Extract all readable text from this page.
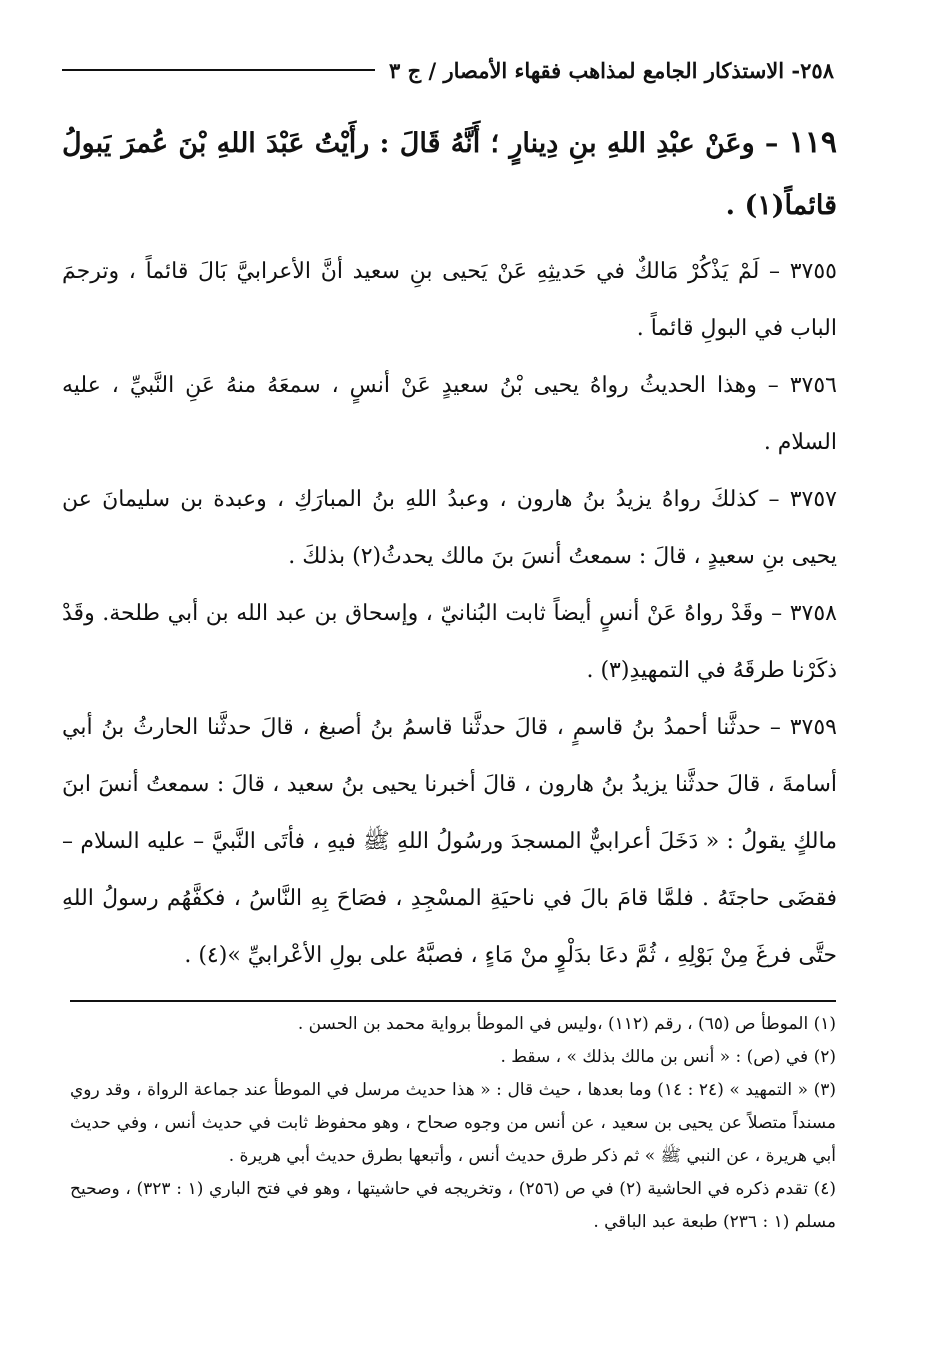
٢٥٨- الاستذكار الجامع لمذاهب فقهاء الأمصار / ج ٣

١١٩ – وعَنْ عبْدِ اللهِ بنِ دِينارٍ ؛ أَنَّهُ قَالَ : رأَيْتُ عَبْدَ اللهِ بْنَ عُمرَ يَبولُ قائماً(١) .

٣٧٥٥ – لَمْ يَذْكُرْ مَالكٌ في حَديثِهِ عَنْ يَحيى بنِ سعيد أنَّ الأعرابيَّ بَالَ قائماً ، وترجمَ الباب في البولِ قائماً .

٣٧٥٦ – وهذا الحديثُ رواهُ يحيى بْنُ سعيدٍ عَنْ أنسٍ ، سمعَهُ منهُ عَنِ النَّبيِّ ، عليه السلام .

٣٧٥٧ – كذلكَ رواهُ يزيدُ بنُ هارون ، وعبدُ اللهِ بنُ المبارَكِ ، وعبدة بن سليمانَ عن يحيى بنِ سعيدٍ ، قالَ : سمعتُ أنسَ بنَ مالك يحدثُ(٢) بذلكَ .

٣٧٥٨ – وقَدْ رواهُ عَنْ أنسٍ أيضاً ثابت البُنانيّ ، وإسحاق بن عبد الله بن أبي طلحة. وقَدْ ذكَرْنا طرقَهُ في التمهيدِ(٣) .

٣٧٥٩ – حدثَّنا أحمدُ بنُ قاسمٍ ، قالَ حدثَّنا قاسمُ بنُ أصبغ ، قالَ حدثَّنا الحارثُ بنُ أبي أسامةَ ، قالَ حدثَّنا يزيدُ بنُ هارون ، قالَ أخبرنا يحيى بنُ سعيد ، قالَ : سمعتُ أنسَ ابنَ مالكٍ يقولُ : « دَخَلَ أعرابيٌّ المسجدَ ورسُولُ اللهِ ﷺ فيهِ ، فأتَى النَّبيَّ – عليه السلام – فقضَى حاجتَهُ . فلمَّا قامَ بالَ في ناحيَةِ المسْجِدِ ، فصَاحَ بِهِ النَّاسُ ، فكفَّهُم رسولُ اللهِ حتَّى فرغَ مِنْ بَوْلِهِ ، ثُمَّ دعَا بدَلْوٍ منْ مَاءٍ ، فصبَّهُ على بولِ الأعْرابيِّ »(٤) .

(١) الموطأ ص (٦٥) ، رقم (١١٢) ،وليس في الموطأ برواية محمد بن الحسن .

(٢) في (ص) : « أنس بن مالك بذلك » ، سقط .

(٣) « التمهيد » (٢٤ : ١٤) وما بعدها ، حيث قال : « هذا حديث مرسل في الموطأ عند جماعة الرواة ، وقد روي مسنداً متصلاً عن يحيى بن سعيد ، عن أنس من وجوه صحاح ، وهو محفوظ ثابت في حديث أنس ، وفي حديث أبي هريرة ، عن النبي ﷺ » ثم ذكر طرق حديث أنس ، وأتبعها بطرق حديث أبي هريرة .

(٤) تقدم ذكره في الحاشية (٢) في ص (٢٥٦) ، وتخريجه في حاشيتها ، وهو في فتح الباري (١ : ٣٢٣) ، وصحيح مسلم (١ : ٢٣٦) طبعة عبد الباقي .
